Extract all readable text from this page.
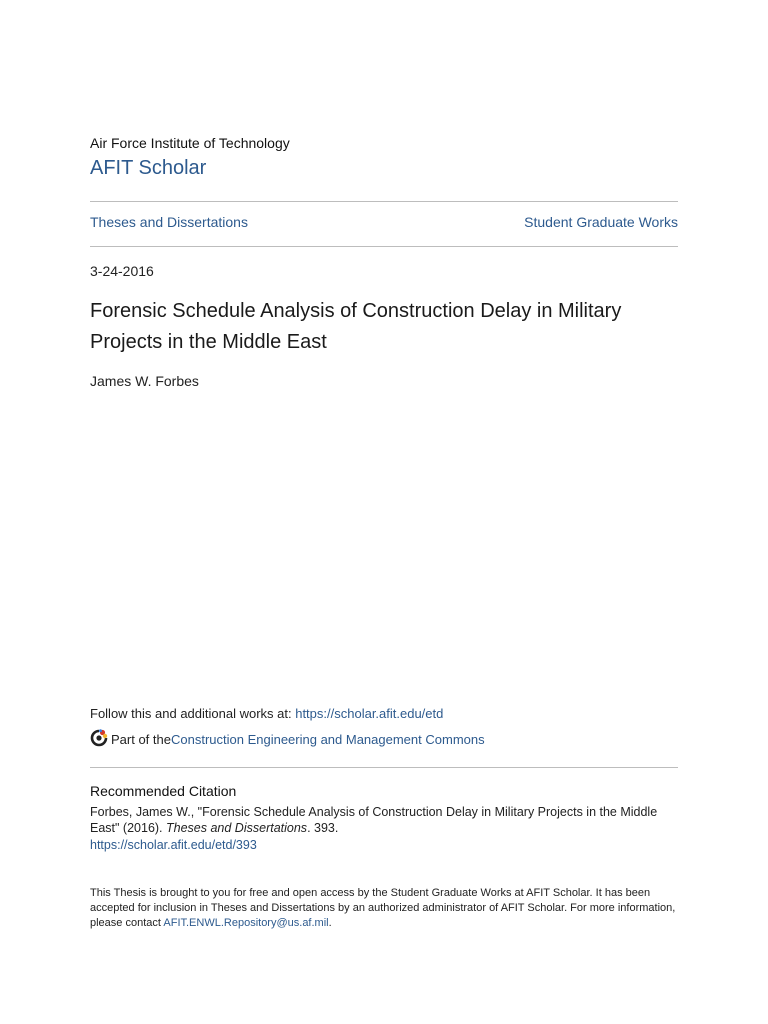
Air Force Institute of Technology
AFIT Scholar
Theses and Dissertations	Student Graduate Works
3-24-2016
Forensic Schedule Analysis of Construction Delay in Military Projects in the Middle East
James W. Forbes
Follow this and additional works at: https://scholar.afit.edu/etd
Part of the Construction Engineering and Management Commons
Recommended Citation
Forbes, James W., "Forensic Schedule Analysis of Construction Delay in Military Projects in the Middle East" (2016). Theses and Dissertations. 393.
https://scholar.afit.edu/etd/393
This Thesis is brought to you for free and open access by the Student Graduate Works at AFIT Scholar. It has been accepted for inclusion in Theses and Dissertations by an authorized administrator of AFIT Scholar. For more information, please contact AFIT.ENWL.Repository@us.af.mil.
